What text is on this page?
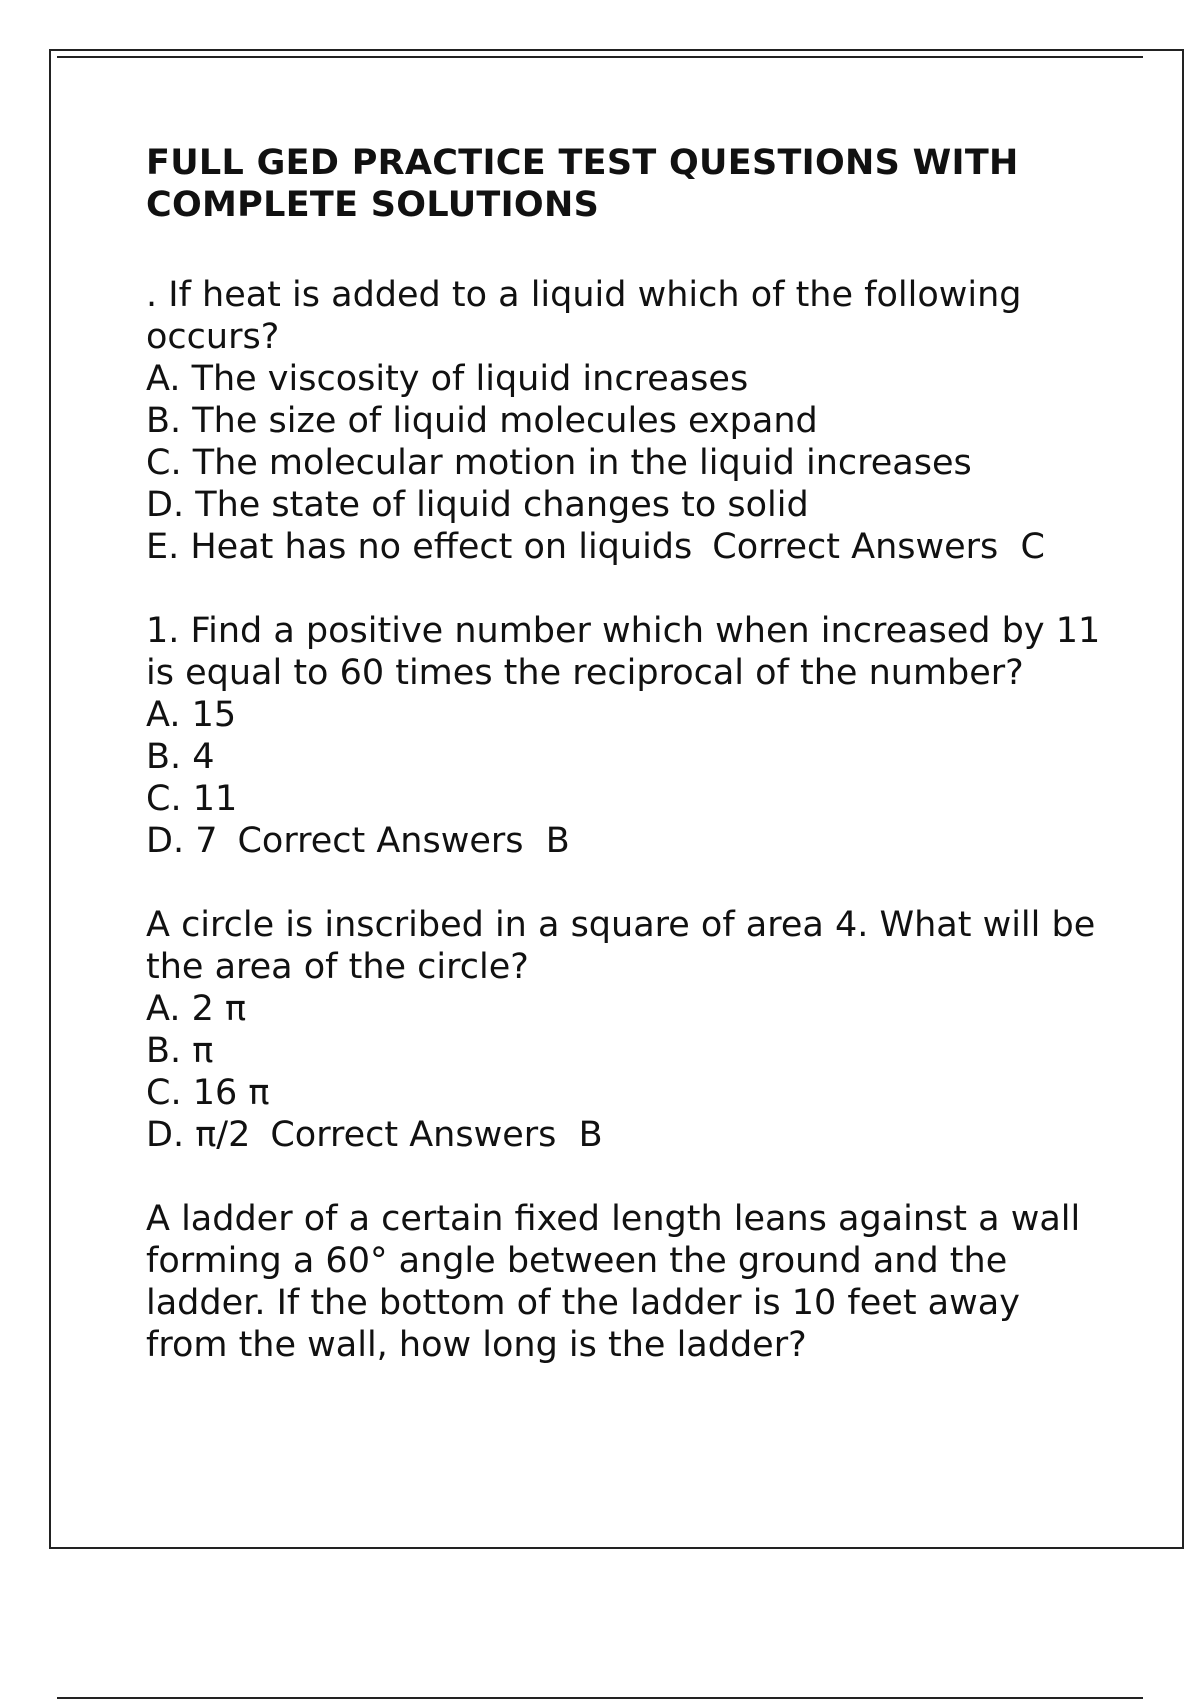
FULL GED PRACTICE TEST QUESTIONS WITH COMPLETE SOLUTIONS

. If heat is added to a liquid which of the following occurs?

A. The viscosity of liquid increases

B. The size of liquid molecules expand

C. The molecular motion in the liquid increases

D. The state of liquid changes to solid

E. Heat has no effect on liquids Correct Answers C

1. Find a positive number which when increased by 11 is equal to 60 times the reciprocal of the number?

A. 15

B. 4

C. 11

D. 7 Correct Answers B

A circle is inscribed in a square of area 4. What will be the area of the circle?

A. 2 π

B. π

C. 16 π

D. π/2 Correct Answers B

A ladder of a certain fixed length leans against a wall forming a 60° angle between the ground and the ladder. If the bottom of the ladder is 10 feet away from the wall, how long is the ladder?
